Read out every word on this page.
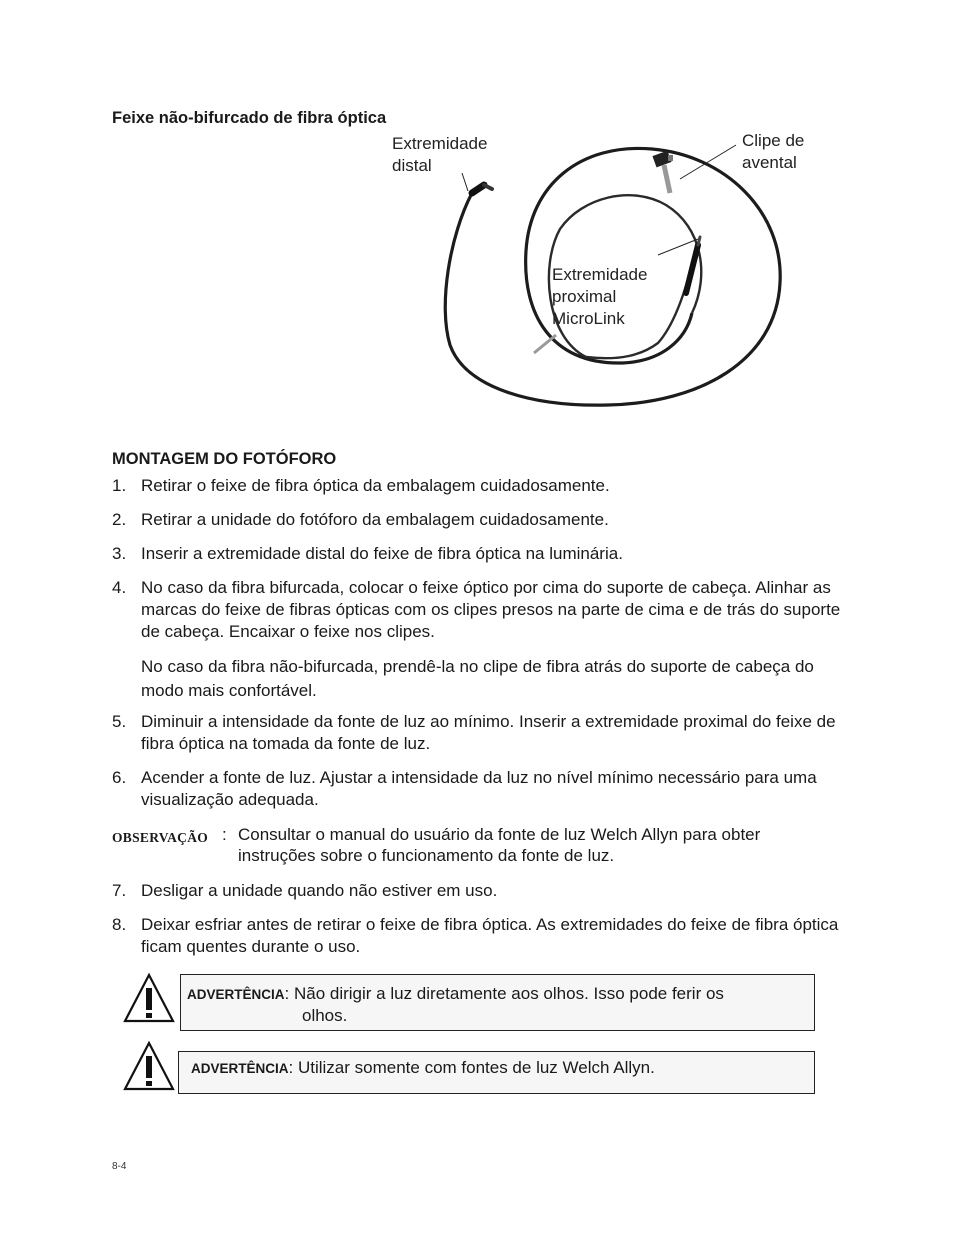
Feixe não-bifurcado de fibra óptica
Extremidade
distal
Clipe de
avental
Extremidade
proximal
MicroLink
MONTAGEM DO FOTÓFORO
1. Retirar o feixe de fibra óptica da embalagem cuidadosamente.
2. Retirar a unidade do fotóforo da embalagem cuidadosamente.
3. Inserir a extremidade distal do feixe de fibra óptica na luminária.
4. No caso da fibra bifurcada, colocar o feixe óptico por cima do suporte de cabeça. Alinhar as marcas do feixe de fibras ópticas com os clipes presos na parte de cima e de trás do suporte de cabeça. Encaixar o feixe nos clipes.
No caso da fibra não-bifurcada, prendê-la no clipe de fibra atrás do suporte de cabeça do modo mais confortável.
5. Diminuir a intensidade da fonte de luz ao mínimo. Inserir a extremidade proximal do feixe de fibra óptica na tomada da fonte de luz.
6. Acender a fonte de luz. Ajustar a intensidade da luz no nível mínimo necessário para uma visualização adequada.
OBSERVAÇÃO : Consultar o manual do usuário da fonte de luz Welch Allyn para obter instruções sobre o funcionamento da fonte de luz.
7. Desligar a unidade quando não estiver em uso.
8. Deixar esfriar antes de retirar o feixe de fibra óptica. As extremidades do feixe de fibra óptica ficam quentes durante o uso.
ADVERTÊNCIA: Não dirigir a luz diretamente aos olhos. Isso pode ferir os
olhos.
ADVERTÊNCIA: Utilizar somente com fontes de luz Welch Allyn.
8-4
